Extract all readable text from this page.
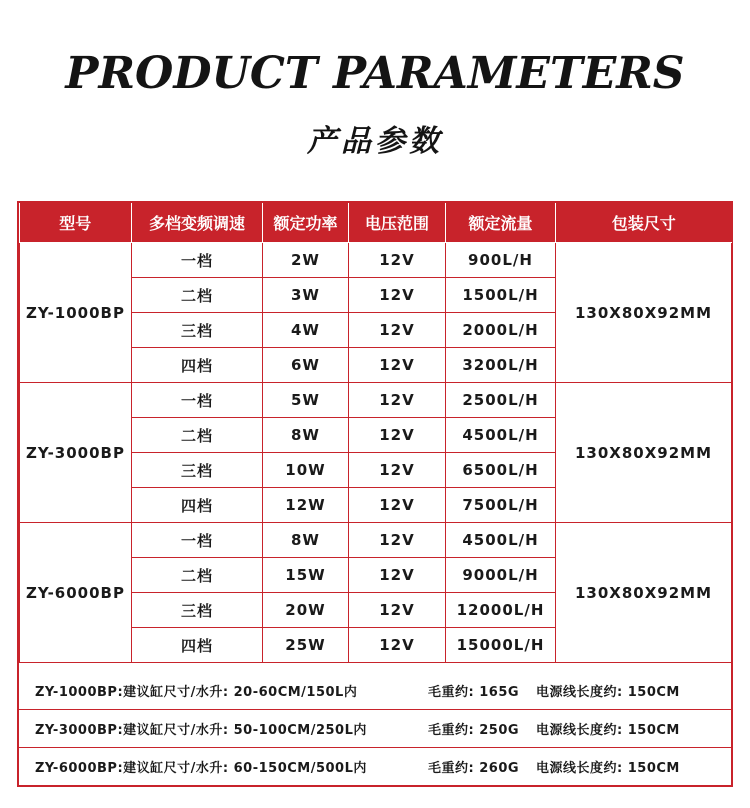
PRODUCT PARAMETERS
产品参数
型号	多档变频调速	额定功率	电压范围	额定流量	包装尺寸
ZY-1000BP	一档	2W	12V	900L/H	130X80X92MM
	二档	3W	12V	1500L/H	
	三档	4W	12V	2000L/H	
	四档	6W	12V	3200L/H	
ZY-3000BP	一档	5W	12V	2500L/H	130X80X92MM
	二档	8W	12V	4500L/H	
	三档	10W	12V	6500L/H	
	四档	12W	12V	7500L/H	
ZY-6000BP	一档	8W	12V	4500L/H	130X80X92MM
	二档	15W	12V	9000L/H	
	三档	20W	12V	12000L/H	
	四档	25W	12V	15000L/H	
ZY-1000BP:建议缸尺寸/水升: 20-60CM/150L内	毛重约: 165G	电源线长度约: 150CM
ZY-3000BP:建议缸尺寸/水升: 50-100CM/250L内	毛重约: 250G	电源线长度约: 150CM
ZY-6000BP:建议缸尺寸/水升: 60-150CM/500L内	毛重约: 260G	电源线长度约: 150CM
